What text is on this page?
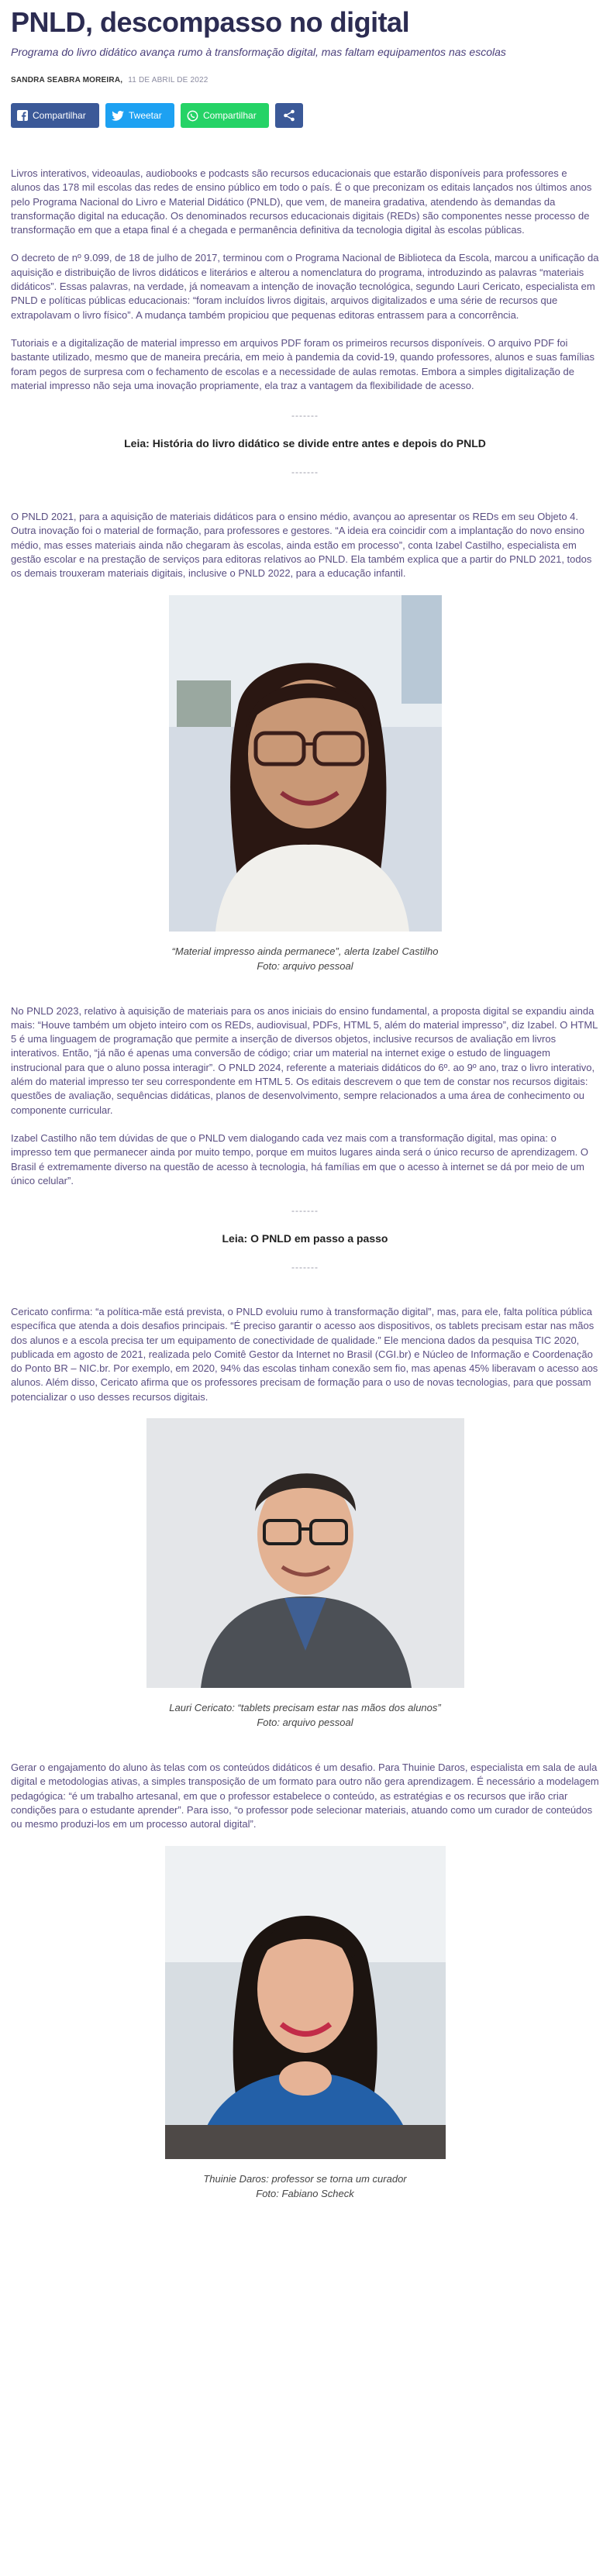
PNLD, descompasso no digital
Programa do livro didático avança rumo à transformação digital, mas faltam equipamentos nas escolas
SANDRA SEABRA MOREIRA, 11 DE ABRIL DE 2022
Compartilhar	Tweetar	Compartilhar

Livros interativos, videoaulas, audiobooks e podcasts são recursos educacionais que estarão disponíveis para professores e alunos das 178 mil escolas das redes de ensino público em todo o país. É o que preconizam os editais lançados nos últimos anos pelo Programa Nacional do Livro e Material Didático (PNLD), que vem, de maneira gradativa, atendendo às demandas da transformação digital na educação. Os denominados recursos educacionais digitais (REDs) são componentes nesse processo de transformação em que a etapa final é a chegada e permanência definitiva da tecnologia digital às escolas públicas.

O decreto de nº 9.099, de 18 de julho de 2017, terminou com o Programa Nacional de Biblioteca da Escola, marcou a unificação da aquisição e distribuição de livros didáticos e literários e alterou a nomenclatura do programa, introduzindo as palavras “materiais didáticos”. Essas palavras, na verdade, já nomeavam a intenção de inovação tecnológica, segundo Lauri Cericato, especialista em PNLD e políticas públicas educacionais: “foram incluídos livros digitais, arquivos digitalizados e uma série de recursos que extrapolavam o livro físico”. A mudança também propiciou que pequenas editoras entrassem para a concorrência.

Tutoriais e a digitalização de material impresso em arquivos PDF foram os primeiros recursos disponíveis. O arquivo PDF foi bastante utilizado, mesmo que de maneira precária, em meio à pandemia da covid-19, quando professores, alunos e suas famílias foram pegos de surpresa com o fechamento de escolas e a necessidade de aulas remotas. Embora a simples digitalização de material impresso não seja uma inovação propriamente, ela traz a vantagem da flexibilidade de acesso.

-------
Leia: História do livro didático se divide entre antes e depois do PNLD
-------

O PNLD 2021, para a aquisição de materiais didáticos para o ensino médio, avançou ao apresentar os REDs em seu Objeto 4. Outra inovação foi o material de formação, para professores e gestores. “A ideia era coincidir com a implantação do novo ensino médio, mas esses materiais ainda não chegaram às escolas, ainda estão em processo”, conta Izabel Castilho, especialista em gestão escolar e na prestação de serviços para editoras relativos ao PNLD. Ela também explica que a partir do PNLD 2021, todos os demais trouxeram materiais digitais, inclusive o PNLD 2022, para a educação infantil.

“Material impresso ainda permanece”, alerta Izabel Castilho
Foto: arquivo pessoal

No PNLD 2023, relativo à aquisição de materiais para os anos iniciais do ensino fundamental, a proposta digital se expandiu ainda mais: “Houve também um objeto inteiro com os REDs, audiovisual, PDFs, HTML 5, além do material impresso”, diz Izabel. O HTML 5 é uma linguagem de programação que permite a inserção de diversos objetos, inclusive recursos de avaliação em livros interativos. Então, “já não é apenas uma conversão de código; criar um material na internet exige o estudo de linguagem instrucional para que o aluno possa interagir”. O PNLD 2024, referente a materiais didáticos do 6º. ao 9º ano, traz o livro interativo, além do material impresso ter seu correspondente em HTML 5. Os editais descrevem o que tem de constar nos recursos digitais: questões de avaliação, sequências didáticas, planos de desenvolvimento, sempre relacionados a uma área de conhecimento ou componente curricular.

Izabel Castilho não tem dúvidas de que o PNLD vem dialogando cada vez mais com a transformação digital, mas opina: o impresso tem que permanecer ainda por muito tempo, porque em muitos lugares ainda será o único recurso de aprendizagem. O Brasil é extremamente diverso na questão de acesso à tecnologia, há famílias em que o acesso à internet se dá por meio de um único celular”.

-------
Leia: O PNLD em passo a passo
-------

Cericato confirma: “a política-mãe está prevista, o PNLD evoluiu rumo à transformação digital”, mas, para ele, falta política pública específica que atenda a dois desafios principais. “É preciso garantir o acesso aos dispositivos, os tablets precisam estar nas mãos dos alunos e a escola precisa ter um equipamento de conectividade de qualidade.” Ele menciona dados da pesquisa TIC 2020, publicada em agosto de 2021, realizada pelo Comitê Gestor da Internet no Brasil (CGI.br) e Núcleo de Informação e Coordenação do Ponto BR – NIC.br. Por exemplo, em 2020, 94% das escolas tinham conexão sem fio, mas apenas 45% liberavam o acesso aos alunos. Além disso, Cericato afirma que os professores precisam de formação para o uso de novas tecnologias, para que possam potencializar o uso desses recursos digitais.

Lauri Cericato: “tablets precisam estar nas mãos dos alunos”
Foto: arquivo pessoal

Gerar o engajamento do aluno às telas com os conteúdos didáticos é um desafio. Para Thuinie Daros, especialista em sala de aula digital e metodologias ativas, a simples transposição de um formato para outro não gera aprendizagem. É necessário a modelagem pedagógica: “é um trabalho artesanal, em que o professor estabelece o conteúdo, as estratégias e os recursos que irão criar condições para o estudante aprender”. Para isso, “o professor pode selecionar materiais, atuando como um curador de conteúdos ou mesmo produzi-los em um processo autoral digital”.

Thuinie Daros: professor se torna um curador
Foto: Fabiano Scheck
